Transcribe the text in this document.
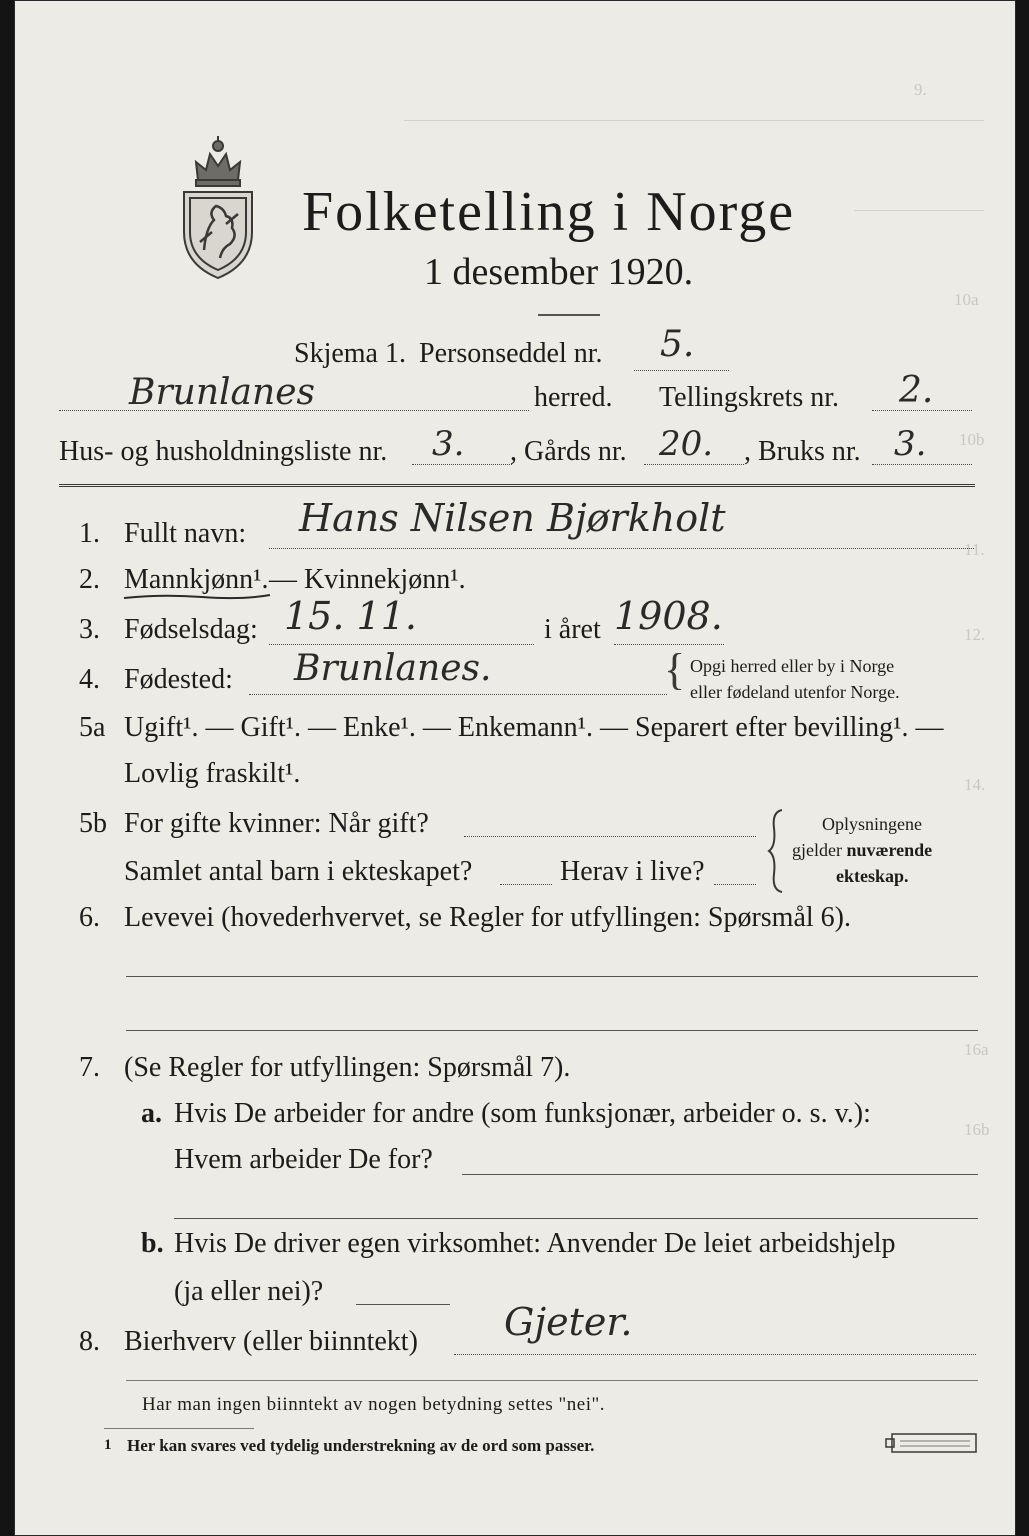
9.
10a
10b
11.
12.
14.
16a
16b
Folketelling i Norge
1 desember 1920.
Skjema 1. Personseddel nr. 5.
Brunlanes	herred. Tellingskrets nr. 2.
Hus- og husholdningsliste nr. 3. , Gårds nr. 20. , Bruks nr. 3.
1. Fullt navn: Hans Nilsen Bjørkholt
2. Mannkjønn¹. — Kvinnekjønn¹.
3. Fødselsdag: 15. 11.	i året 1908.
4. Fødested: Brunlanes.	{ Opgi herred eller by i Norge
eller fødeland utenfor Norge.
5a Ugift¹. — Gift¹. — Enke¹. — Enkemann¹. — Separert efter bevilling¹. —
Lovlig fraskilt¹.
5b For gifte kvinner: Når gift?
Samlet antal barn i ekteskapet?	Herav i live?
Oplysningene
gjelder nuværende
ekteskap.
6. Levevei (hovederhvervet, se Regler for utfyllingen: Spørsmål 6).
7. (Se Regler for utfyllingen: Spørsmål 7).
a. Hvis De arbeider for andre (som funksjonær, arbeider o. s. v.):
Hvem arbeider De for?
b. Hvis De driver egen virksomhet: Anvender De leiet arbeidshjelp
(ja eller nei)?
8. Bierhverv (eller biinntekt) Gjeter.
Har man ingen biinntekt av nogen betydning settes "nei".
1 Her kan svares ved tydelig understrekning av de ord som passer.
